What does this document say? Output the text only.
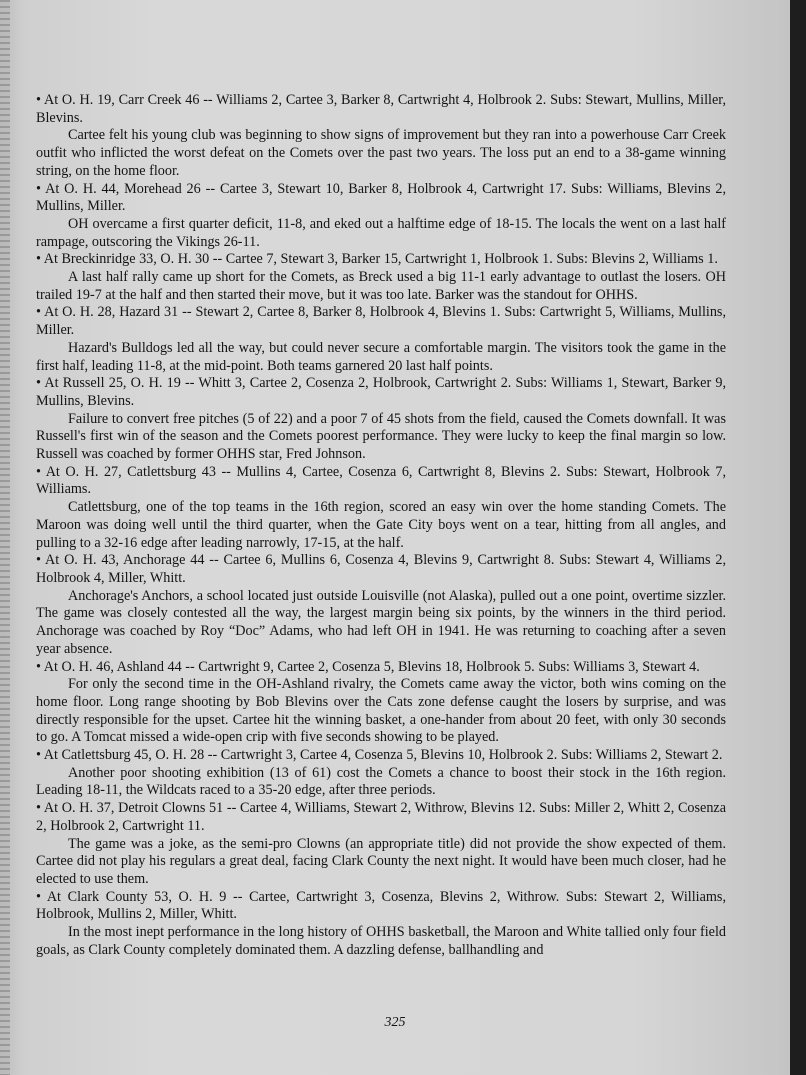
• At O. H. 19, Carr Creek 46 -- Williams 2, Cartee 3, Barker 8, Cartwright 4, Holbrook 2. Subs: Stewart, Mullins, Miller, Blevins.

Cartee felt his young club was beginning to show signs of improvement but they ran into a powerhouse Carr Creek outfit who inflicted the worst defeat on the Comets over the past two years. The loss put an end to a 38-game winning string, on the home floor.

• At O. H. 44, Morehead 26 -- Cartee 3, Stewart 10, Barker 8, Holbrook 4, Cartwright 17. Subs: Williams, Blevins 2, Mullins, Miller.

OH overcame a first quarter deficit, 11-8, and eked out a halftime edge of 18-15. The locals the went on a last half rampage, outscoring the Vikings 26-11.

• At Breckinridge 33, O. H. 30 -- Cartee 7, Stewart 3, Barker 15, Cartwright 1, Holbrook 1. Subs: Blevins 2, Williams 1.

A last half rally came up short for the Comets, as Breck used a big 11-1 early advantage to outlast the losers. OH trailed 19-7 at the half and then started their move, but it was too late. Barker was the standout for OHHS.

• At O. H. 28, Hazard 31 -- Stewart 2, Cartee 8, Barker 8, Holbrook 4, Blevins 1. Subs: Cartwright 5, Williams, Mullins, Miller.

Hazard's Bulldogs led all the way, but could never secure a comfortable margin. The visitors took the game in the first half, leading 11-8, at the mid-point. Both teams garnered 20 last half points.

• At Russell 25, O. H. 19 -- Whitt 3, Cartee 2, Cosenza 2, Holbrook, Cartwright 2. Subs: Williams 1, Stewart, Barker 9, Mullins, Blevins.

Failure to convert free pitches (5 of 22) and a poor 7 of 45 shots from the field, caused the Comets downfall. It was Russell's first win of the season and the Comets poorest performance. They were lucky to keep the final margin so low. Russell was coached by former OHHS star, Fred Johnson.

• At O. H. 27, Catlettsburg 43 -- Mullins 4, Cartee, Cosenza 6, Cartwright 8, Blevins 2. Subs: Stewart, Holbrook 7, Williams.

Catlettsburg, one of the top teams in the 16th region, scored an easy win over the home standing Comets. The Maroon was doing well until the third quarter, when the Gate City boys went on a tear, hitting from all angles, and pulling to a 32-16 edge after leading narrowly, 17-15, at the half.

• At O. H. 43, Anchorage 44 -- Cartee 6, Mullins 6, Cosenza 4, Blevins 9, Cartwright 8. Subs: Stewart 4, Williams 2, Holbrook 4, Miller, Whitt.

Anchorage's Anchors, a school located just outside Louisville (not Alaska), pulled out a one point, overtime sizzler. The game was closely contested all the way, the largest margin being six points, by the winners in the third period. Anchorage was coached by Roy “Doc” Adams, who had left OH in 1941. He was returning to coaching after a seven year absence.

• At O. H. 46, Ashland 44 -- Cartwright 9, Cartee 2, Cosenza 5, Blevins 18, Holbrook 5. Subs: Williams 3, Stewart 4.

For only the second time in the OH-Ashland rivalry, the Comets came away the victor, both wins coming on the home floor. Long range shooting by Bob Blevins over the Cats zone defense caught the losers by surprise, and was directly responsible for the upset. Cartee hit the winning basket, a one-hander from about 20 feet, with only 30 seconds to go. A Tomcat missed a wide-open crip with five seconds showing to be played.

• At Catlettsburg 45, O. H. 28 -- Cartwright 3, Cartee 4, Cosenza 5, Blevins 10, Holbrook 2. Subs: Williams 2, Stewart 2.

Another poor shooting exhibition (13 of 61) cost the Comets a chance to boost their stock in the 16th region. Leading 18-11, the Wildcats raced to a 35-20 edge, after three periods.

• At O. H. 37, Detroit Clowns 51 -- Cartee 4, Williams, Stewart 2, Withrow, Blevins 12. Subs: Miller 2, Whitt 2, Cosenza 2, Holbrook 2, Cartwright 11.

The game was a joke, as the semi-pro Clowns (an appropriate title) did not provide the show expected of them. Cartee did not play his regulars a great deal, facing Clark County the next night. It would have been much closer, had he elected to use them.

• At Clark County 53, O. H. 9 -- Cartee, Cartwright 3, Cosenza, Blevins 2, Withrow. Subs: Stewart 2, Williams, Holbrook, Mullins 2, Miller, Whitt.

In the most inept performance in the long history of OHHS basketball, the Maroon and White tallied only four field goals, as Clark County completely dominated them. A dazzling defense, ballhandling and

325
